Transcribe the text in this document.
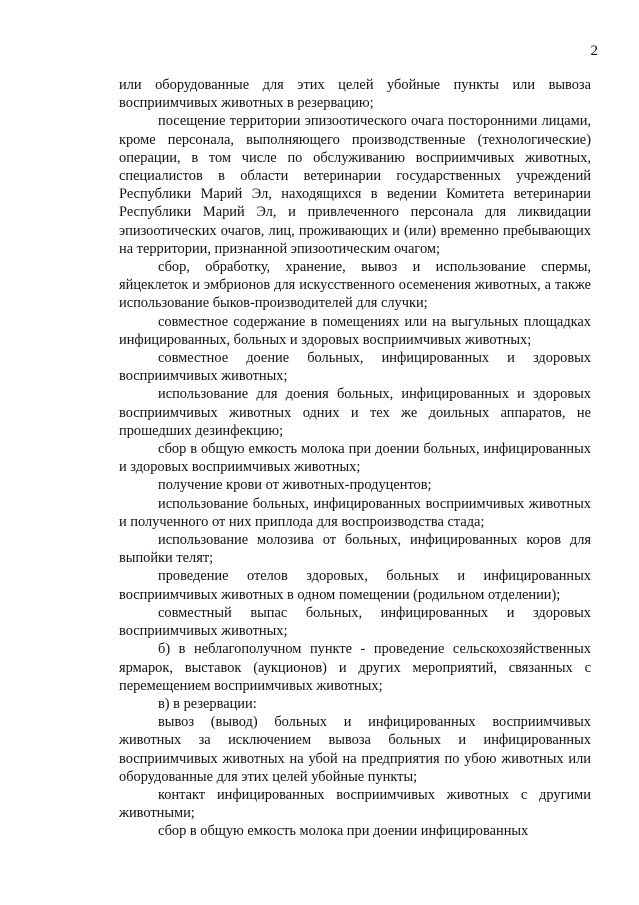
2

или оборудованные для этих целей убойные пункты или вывоза восприимчивых животных в резервацию;

посещение территории эпизоотического очага посторонними лицами, кроме персонала, выполняющего производственные (технологические) операции, в том числе по обслуживанию восприимчивых животных, специалистов в области ветеринарии государственных учреждений Республики Марий Эл, находящихся в ведении Комитета ветеринарии Республики Марий Эл, и привлеченного персонала для ликвидации эпизоотических очагов, лиц, проживающих и (или) временно пребывающих на территории, признанной эпизоотическим очагом;

сбор, обработку, хранение, вывоз и использование спермы, яйцеклеток и эмбрионов для искусственного осеменения животных, а также использование быков-производителей для случки;

совместное содержание в помещениях или на выгульных площадках инфицированных, больных и здоровых восприимчивых животных;

совместное доение больных, инфицированных и здоровых восприимчивых животных;

использование для доения больных, инфицированных и здоровых восприимчивых животных одних и тех же доильных аппаратов, не прошедших дезинфекцию;

сбор в общую емкость молока при доении больных, инфицированных и здоровых восприимчивых животных;

получение крови от животных-продуцентов;

использование больных, инфицированных восприимчивых животных и полученного от них приплода для воспроизводства стада;

использование молозива от больных, инфицированных коров для выпойки телят;

проведение отелов здоровых, больных и инфицированных восприимчивых животных в одном помещении (родильном отделении);

совместный выпас больных, инфицированных и здоровых восприимчивых животных;

б) в неблагополучном пункте - проведение сельскохозяйственных ярмарок, выставок (аукционов) и других мероприятий, связанных с перемещением восприимчивых животных;

в) в резервации:

вывоз (вывод) больных и инфицированных восприимчивых животных за исключением вывоза больных и инфицированных восприимчивых животных на убой на предприятия по убою животных или оборудованные для этих целей убойные пункты;

контакт инфицированных восприимчивых животных с другими животными;

сбор в общую емкость молока при доении инфицированных
